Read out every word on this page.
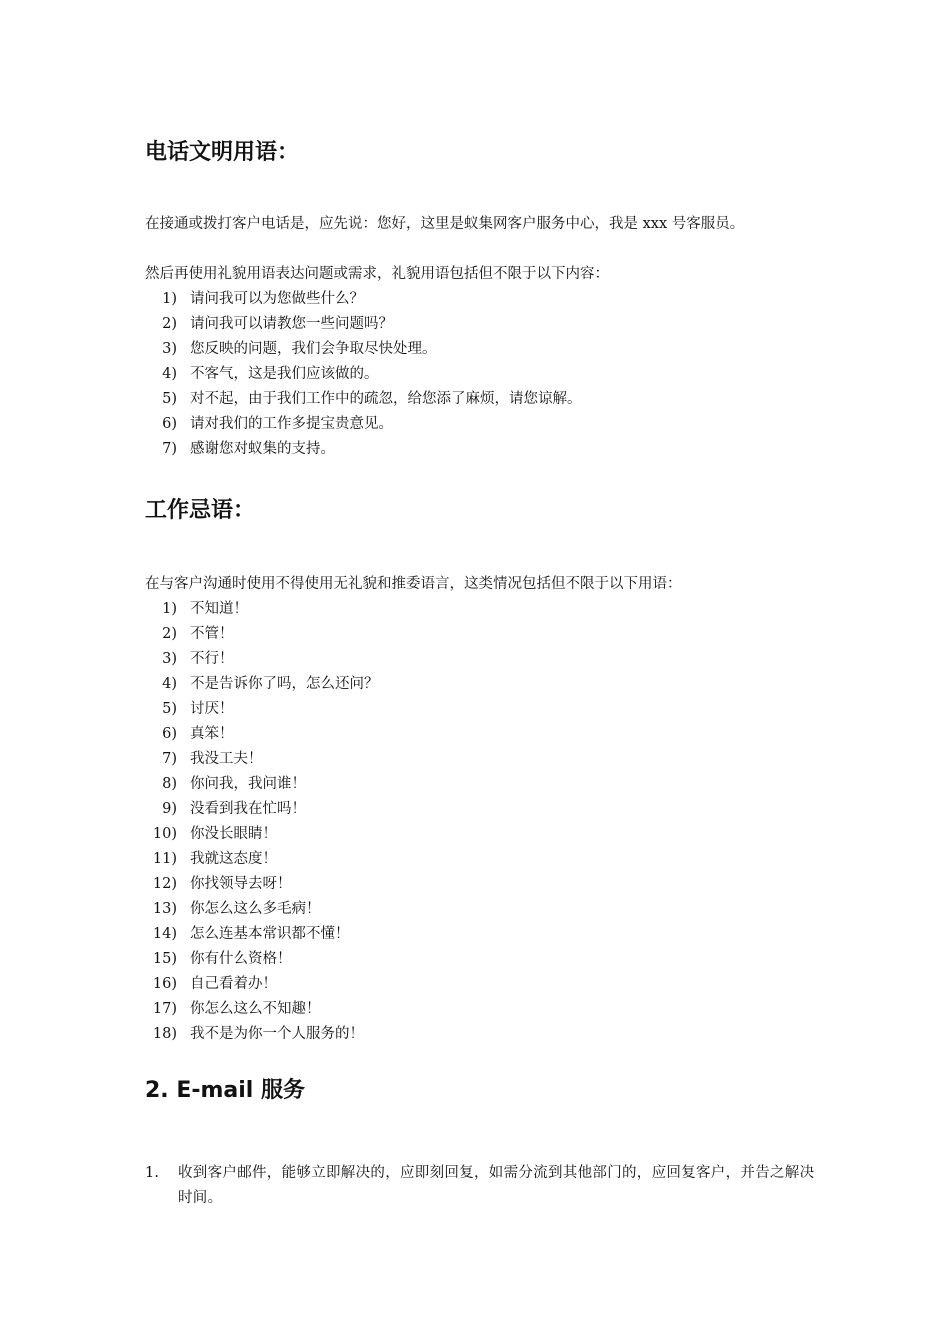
电话文明用语：

在接通或拨打客户电话是，应先说：您好，这里是蚁集网客户服务中心，我是 xxx 号客服员。

然后再使用礼貌用语表达问题或需求，礼貌用语包括但不限于以下内容：

1) 请问我可以为您做些什么？
2) 请问我可以请教您一些问题吗？
3) 您反映的问题，我们会争取尽快处理。
4) 不客气，这是我们应该做的。
5) 对不起，由于我们工作中的疏忽，给您添了麻烦，请您谅解。
6) 请对我们的工作多提宝贵意见。
7) 感谢您对蚁集的支持。
工作忌语：

在与客户沟通时使用不得使用无礼貌和推委语言，这类情况包括但不限于以下用语：

1) 不知道！
2) 不管！
3) 不行！
4) 不是告诉你了吗，怎么还问？
5) 讨厌！
6) 真笨！
7) 我没工夫！
8) 你问我，我问谁！
9) 没看到我在忙吗！
10) 你没长眼睛！
11) 我就这态度！
12) 你找领导去呀！
13) 你怎么这么多毛病！
14) 怎么连基本常识都不懂！
15) 你有什么资格！
16) 自己看着办！
17) 你怎么这么不知趣！
18) 我不是为你一个人服务的！
2. E-mail 服务
1.	收到客户邮件，能够立即解决的，应即刻回复，如需分流到其他部门的，应回复客户，并告之解决时间。
